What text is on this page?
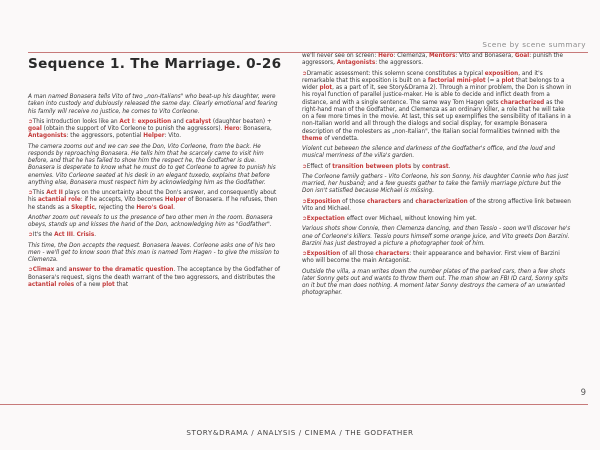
Scene by scene summary
Sequence 1. The Marriage. 0-26

A man named Bonasera tells Vito of two „non-Italians" who beat-up his daughter, were taken into custody and dubiously released the same day. Clearly emotional and fearing his family will receive no justice, he comes to Vito Corleone.

➲This introduction looks like an Act I: exposition and catalyst (daughter beaten) + goal (obtain the support of Vito Corleone to punish the aggressors). Hero: Bonasera, Antagonists: the aggressors, potential Helper: Vito.

The camera zooms out and we can see the Don, Vito Corleone, from the back. He responds by reproaching Bonasera. He tells him that he scarcely came to visit him before, and that he has failed to show him the respect he, the Godfather is due. Bonasera is desperate to know what he must do to get Corleone to agree to punish his enemies. Vito Corleone seated at his desk in an elegant tuxedo, explains that before anything else, Bonasera must respect him by acknowledging him as the Godfather.

➲This Act II plays on the uncertainty about the Don's answer, and consequently about his actantial role: if he accepts, Vito becomes Helper of Bonasera. If he refuses, then he stands as a Skeptic, rejecting the Hero's Goal.

Another zoom out reveals to us the presence of two other men in the room. Bonasera obeys, stands up and kisses the hand of the Don, acknowledging him as "Godfather".

➲It's the Act III. Crisis.

This time, the Don accepts the request. Bonasera leaves. Corleone asks one of his two men - we'll get to know soon that this man is named Tom Hagen - to give the mission to Clemenza.

➲Climax and answer to the dramatic question. The acceptance by the Godfather of Bonasera's request, signs the death warrant of the two aggressors, and distributes the actantial roles of a new plot that

we'll never see on screen: Hero: Clemenza, Mentors: Vito and Bonasera, Goal: punish the aggressors, Antagonists: the aggressors.

➲Dramatic assessment: this solemn scene constitutes a typical exposition, and it's remarkable that this exposition is built on a factorial mini-plot (= a plot that belongs to a wider plot, as a part of it, see Story&Drama 2). Through a minor problem, the Don is shown in his royal function of parallel justice-maker. He is able to decide and inflict death from a distance, and with a single sentence. The same way Tom Hagen gets characterized as the right-hand man of the Godfather, and Clemenza as an ordinary killer, a role that he will take on a few more times in the movie. At last, this set up exemplifies the sensibility of Italians in a non-Italian world and all through the dialogs and social display, for example Bonasera description of the molesters as „non-Italian", the Italian social formalities twinned with the theme of vendetta.

Violent cut between the silence and darkness of the Godfather's office, and the loud and musical merriness of the villa's garden.

➲Effect of transition between plots by contrast.

The Corleone family gathers - Vito Corleone, his son Sonny, his daughter Connie who has just married, her husband; and a few guests gather to take the family marriage picture but the Don isn't satisfied because Michael is missing.

➲Exposition of those characters and characterization of the strong affective link between Vito and Michael.

➲Expectation effect over Michael, without knowing him yet.

Various shots show Connie, then Clemenza dancing, and then Tessio - soon we'll discover he's one of Corleone's killers. Tessio pours himself some orange juice, and Vito greets Don Barzini. Barzini has just destroyed a picture a photographer took of him.

➲Exposition of all those characters: their appearance and behavior. First view of Barzini who will become the main Antagonist.

Outside the villa, a man writes down the number plates of the parked cars, then a few shots later Sonny gets out and wants to throw them out. The man show an FBI ID card, Sonny spits on it but the man does nothing. A moment later Sonny destroys the camera of an unwanted photographer.

9
STORY&DRAMA / ANALYSIS / CINEMA / THE GODFATHER
